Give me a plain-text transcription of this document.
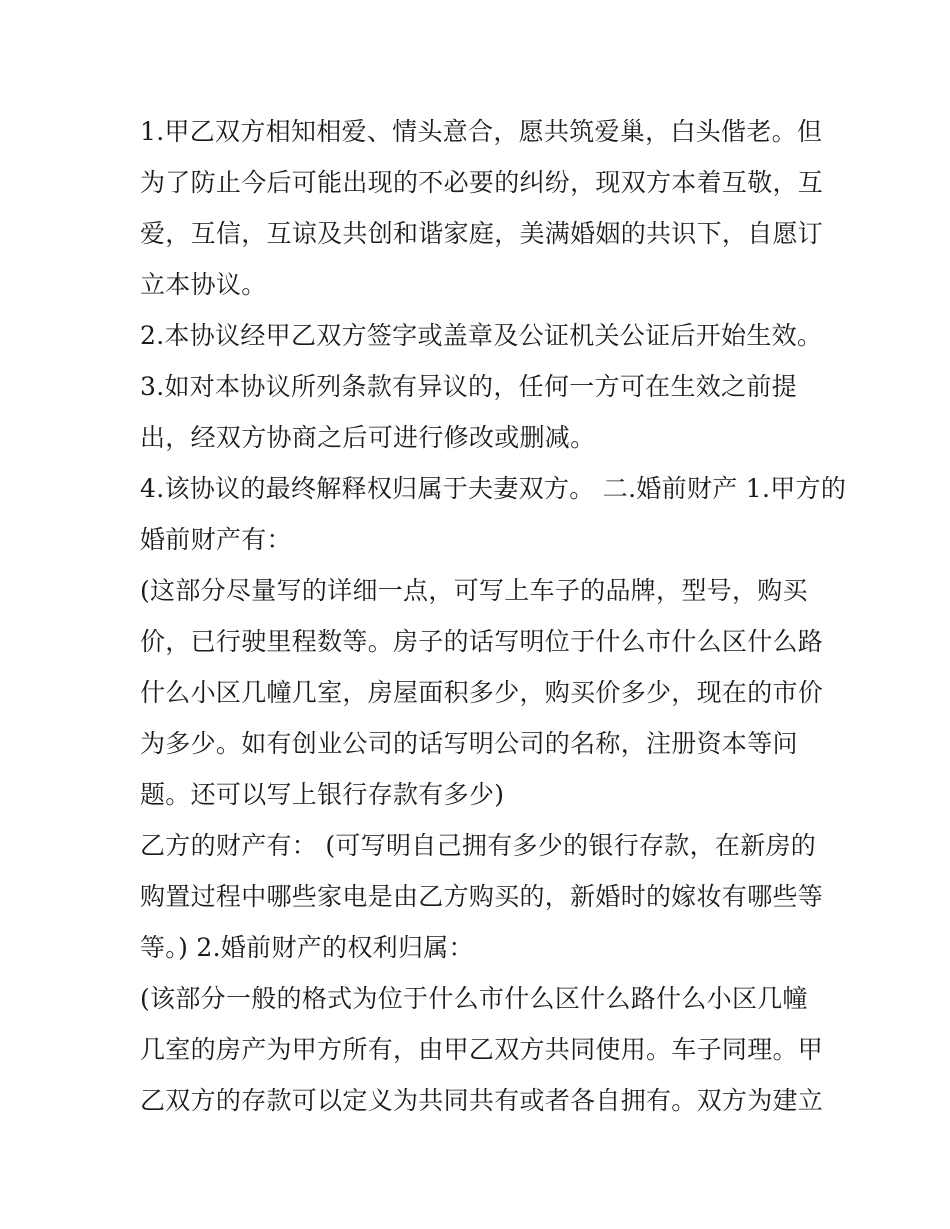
1.甲乙双方相知相爱、情头意合，愿共筑爱巢，白头偕老。但
为了防止今后可能出现的不必要的纠纷，现双方本着互敬，互
爱，互信，互谅及共创和谐家庭，美满婚姻的共识下，自愿订
立本协议。
2.本协议经甲乙双方签字或盖章及公证机关公证后开始生效。
3.如对本协议所列条款有异议的，任何一方可在生效之前提
出，经双方协商之后可进行修改或删减。
4.该协议的最终解释权归属于夫妻双方。 二.婚前财产 1.甲方的
婚前财产有：
(这部分尽量写的详细一点，可写上车子的品牌，型号，购买
价，已行驶里程数等。房子的话写明位于什么市什么区什么路
什么小区几幢几室，房屋面积多少，购买价多少，现在的市价
为多少。如有创业公司的话写明公司的名称，注册资本等问
题。还可以写上银行存款有多少)
乙方的财产有： (可写明自己拥有多少的银行存款，在新房的
购置过程中哪些家电是由乙方购买的，新婚时的嫁妆有哪些等
等。) 2.婚前财产的权利归属：
(该部分一般的格式为位于什么市什么区什么路什么小区几幢
几室的房产为甲方所有，由甲乙双方共同使用。车子同理。甲
乙双方的存款可以定义为共同共有或者各自拥有。双方为建立
